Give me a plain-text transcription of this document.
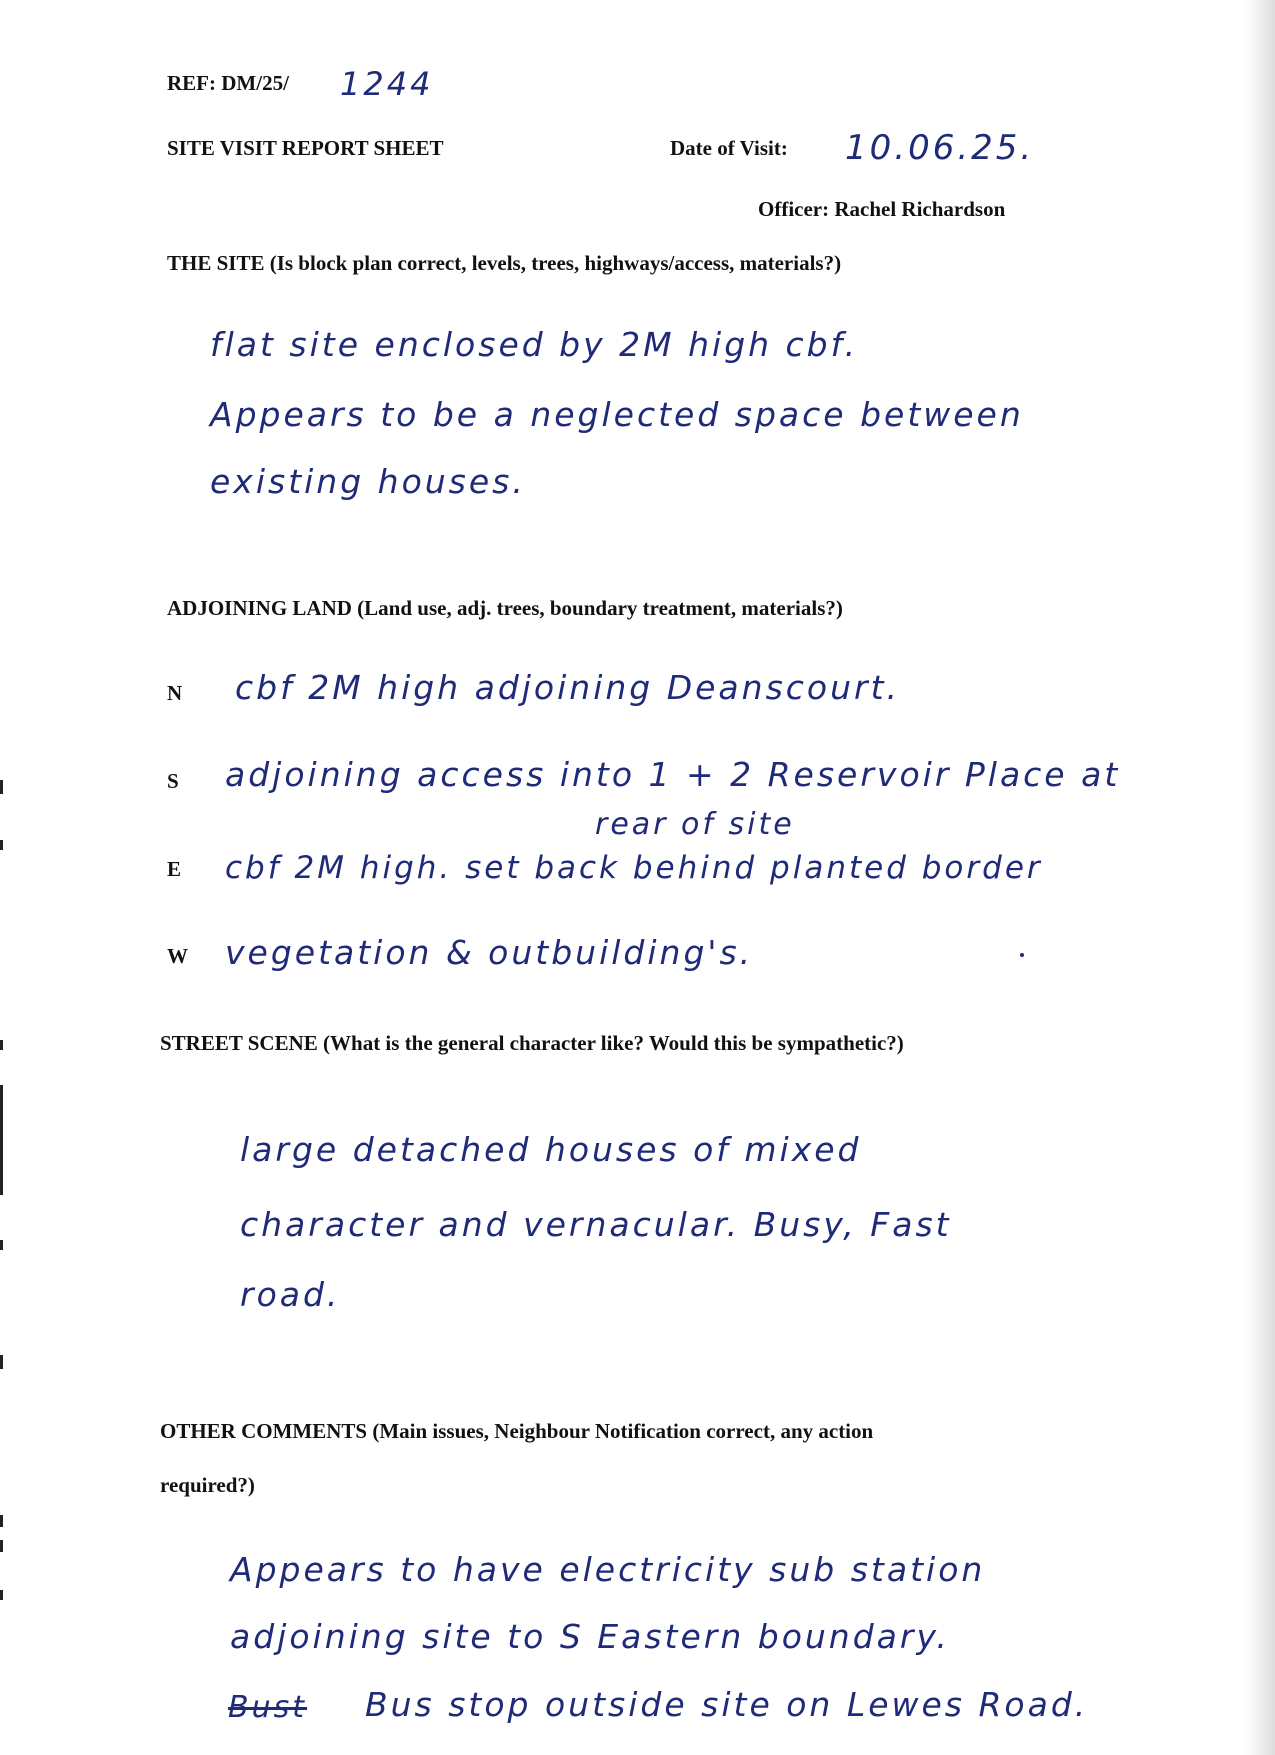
REF: DM/25/ 1244
SITE VISIT REPORT SHEET	Date of Visit: 10.06.25.
Officer: Rachel Richardson
THE SITE (Is block plan correct, levels, trees, highways/access, materials?)
flat site enclosed by 2M high cbf.
Appears to be a neglected space between
existing houses.
ADJOINING LAND (Land use, adj. trees, boundary treatment, materials?)
N cbf 2M high adjoining Deanscourt.
S adjoining access into 1 + 2 Reservoir Place at
rear of site
E cbf 2M high. set back behind planted border
W vegetation & outbuilding's.
STREET SCENE (What is the general character like? Would this be sympathetic?)
large detached houses of mixed
character and vernacular. Busy, Fast
road.
OTHER COMMENTS (Main issues, Neighbour Notification correct, any action
required?)
Appears to have electricity sub station
adjoining site to S Eastern boundary.
Bust Bus stop outside site on Lewes Road.
